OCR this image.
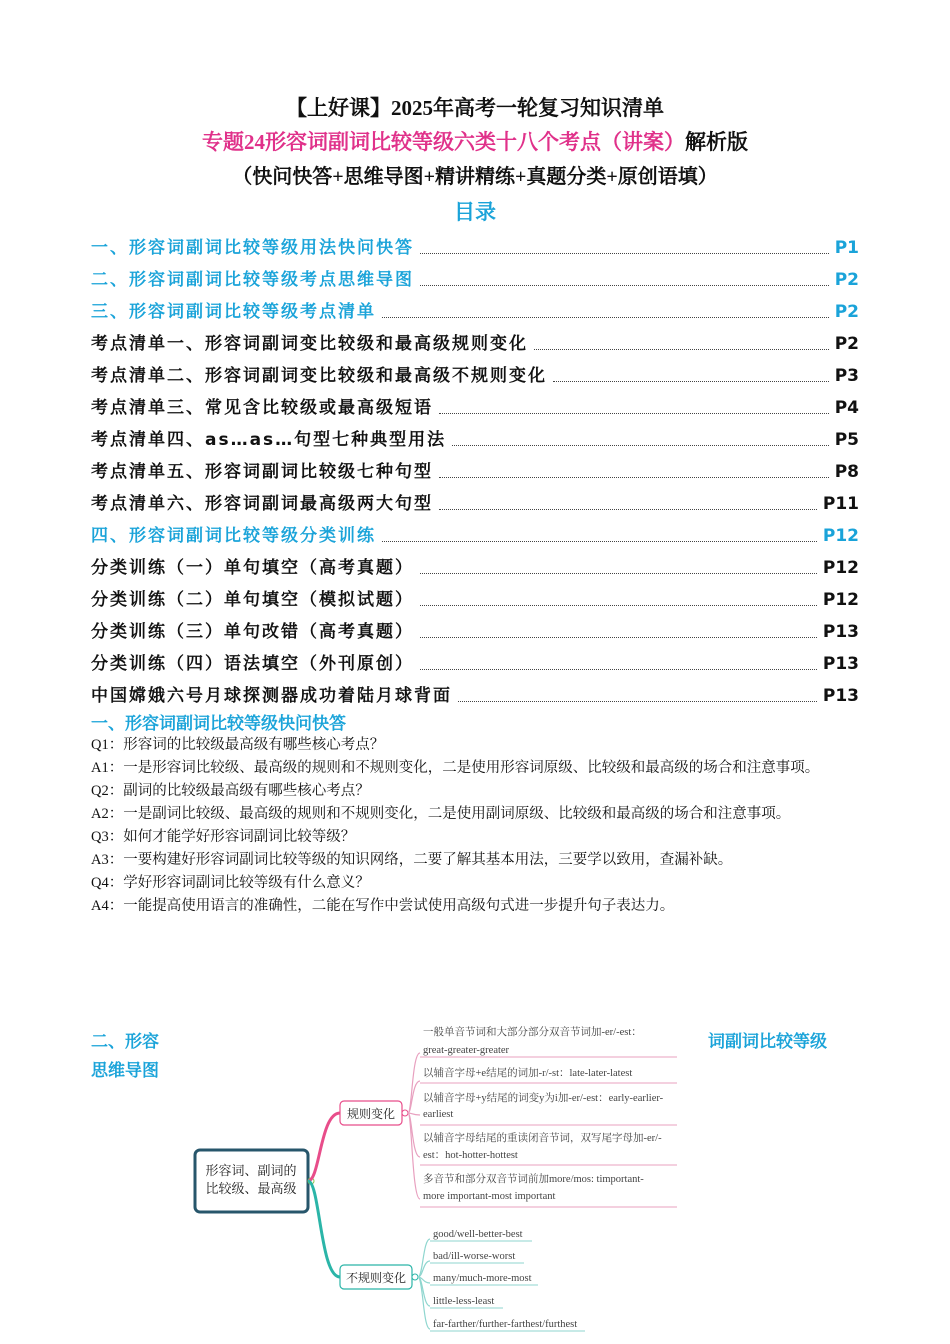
【上好课】2025年高考一轮复习知识清单
专题24形容词副词比较等级六类十八个考点（讲案）解析版
（快问快答+思维导图+精讲精练+真题分类+原创语填）
目录
一、形容词副词比较等级用法快问快答	P1
二、形容词副词比较等级考点思维导图	P2
三、形容词副词比较等级考点清单	P2
考点清单一、形容词副词变比较级和最高级规则变化	P2
考点清单二、形容词副词变比较级和最高级不规则变化	P3
考点清单三、常见含比较级或最高级短语	P4
考点清单四、as…as…句型七种典型用法	P5
考点清单五、形容词副词比较级七种句型	P8
考点清单六、形容词副词最高级两大句型	P11
四、形容词副词比较等级分类训练	P12
分类训练（一）单句填空（高考真题）	P12
分类训练（二）单句填空（模拟试题）	P12
分类训练（三）单句改错（高考真题）	P13
分类训练（四）语法填空（外刊原创）	P13
中国嫦娥六号月球探测器成功着陆月球背面	P13
一、形容词副词比较等级快问快答

Q1：形容词的比较级最高级有哪些核心考点？

A1：一是形容词比较级、最高级的规则和不规则变化，二是使用形容词原级、比较级和最高级的场合和注意事项。

Q2：副词的比较级最高级有哪些核心考点？

A2：一是副词比较级、最高级的规则和不规则变化，二是使用副词原级、比较级和最高级的场合和注意事项。

Q3：如何才能学好形容词副词比较等级？

A3：一要构建好形容词副词比较等级的知识网络，二要了解其基本用法，三要学以致用，查漏补缺。

Q4：学好形容词副词比较等级有什么意义？

A4：一能提高使用语言的准确性，二能在写作中尝试使用高级句式进一步提升句子表达力。

二、形容
思维导图
词副词比较等级
形容词、副词的
比较级、最高级
规则变化
一般单音节词和大部分部分双音节词加-er/-est：
great-greater-greater
以辅音字母+e结尾的词加-r/-st：late-later-latest
以辅音字母+y结尾的词变y为i加-er/-est：early-earlier-
earliest
以辅音字母结尾的重读闭音节词，双写尾字母加-er/-
est：hot-hotter-hottest
多音节和部分双音节词前加more/mos: timportant-
more important-most important
不规则变化
good/well-better-best
bad/ill-worse-worst
many/much-more-most
little-less-least
far-farther/further-farthest/furthest
